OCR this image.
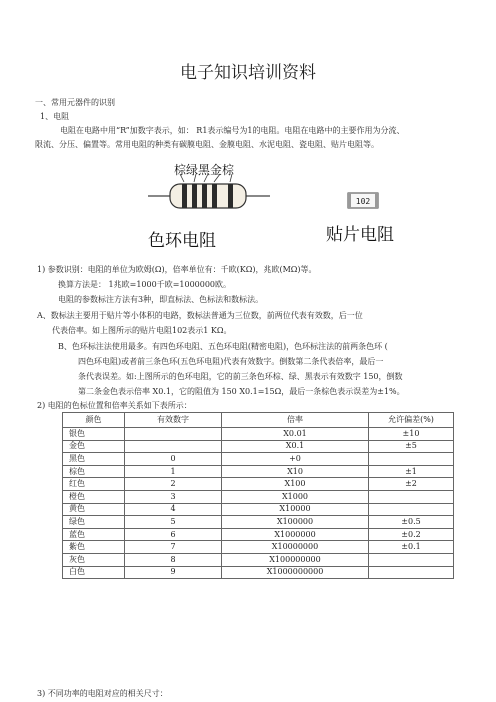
电子知识培训资料
一、常用元器件的识别
1、电阻
电阻在电路中用“R”加数字表示，如： R1表示编号为1的电阻。电阻在电路中的主要作用为分流、
限流、分压、偏置等。常用电阻的种类有碳膜电阻、金膜电阻、水泥电阻、瓷电阻、贴片电阻等。
棕绿黑金棕
102
色环电阻	贴片电阻
1) 参数识别：电阻的单位为欧姆(Ω)，倍率单位有：千欧(KΩ)，兆欧(MΩ)等。
换算方法是： 1兆欧=1000千欧=1000000欧。
电阻的参数标注方法有3种，即直标法、色标法和数标法。
A、数标法主要用于贴片等小体积的电路，数标法普通为三位数，前两位代表有效数，后一位
代表倍率。如上图所示的贴片电阻102表示1 KΩ。
B、色环标注法使用最多。有四色环电阻、五色环电阻(精密电阻)，色环标注法的前两条色环 (
四色环电阻)或者前三条色环(五色环电阻)代表有效数字。倒数第二条代表倍率，最后一
条代表误差。如:上图所示的色环电阻，它的前三条色环棕、绿、黑表示有效数字 150，倒数
第二条金色表示倍率 X0.1，它的阻值为 150 X0.1=15Ω，最后一条棕色表示误差为±1%。
2) 电阻的色标位置和倍率关系如下表所示：
颜色	有效数字	倍率	允许偏差(%)
银色		X0.01	±10
金色		X0.1	±5
黑色	0	+0	
棕色	1	X10	±1
红色	2	X100	±2
橙色	3	X1000	
黄色	4	X10000	
绿色	5	X100000	±0.5
蓝色	6	X1000000	±0.2
紫色	7	X10000000	±0.1
灰色	8	X100000000	
白色	9	X1000000000	
3) 不同功率的电阻对应的相关尺寸：
